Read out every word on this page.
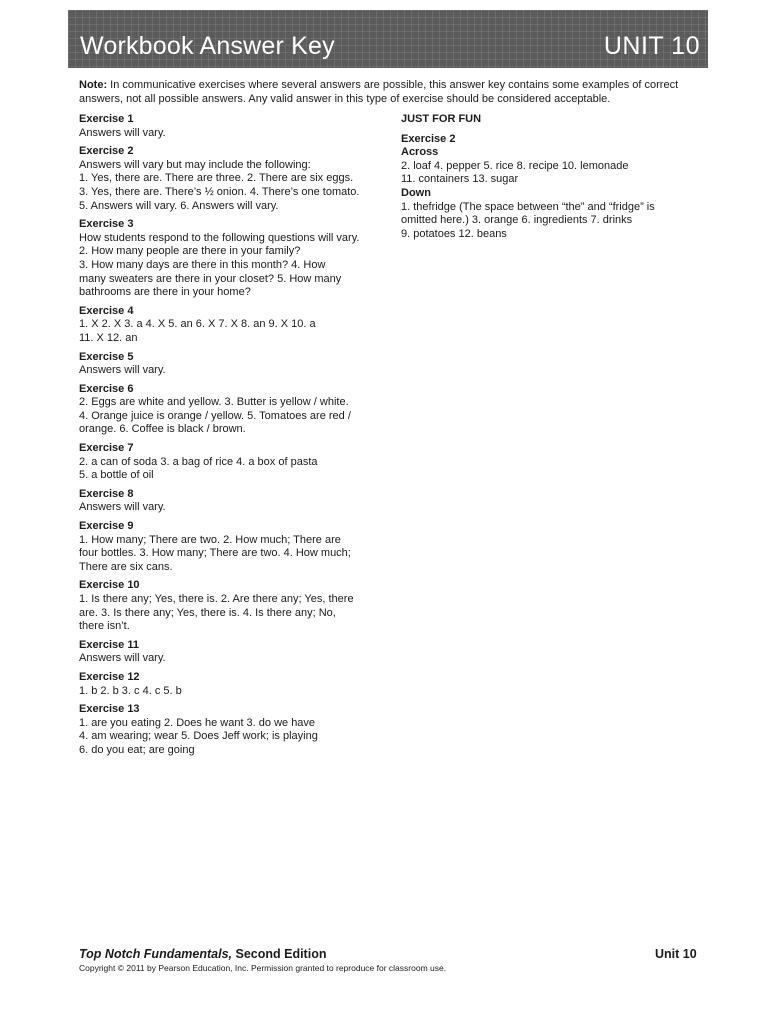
Workbook Answer Key	UNIT 10
Note: In communicative exercises where several answers are possible, this answer key contains some examples of correct answers, not all possible answers. Any valid answer in this type of exercise should be considered acceptable.
Exercise 1
Answers will vary.
Exercise 2
Answers will vary but may include the following:
1. Yes, there are. There are three. 2. There are six eggs.
3. Yes, there are. There’s ½ onion. 4. There’s one tomato.
5. Answers will vary. 6. Answers will vary.
Exercise 3
How students respond to the following questions will vary.
2. How many people are there in your family?
3. How many days are there in this month? 4. How
many sweaters are there in your closet? 5. How many
bathrooms are there in your home?
Exercise 4
1. X 2. X 3. a 4. X 5. an 6. X 7. X 8. an 9. X 10. a
11. X 12. an
Exercise 5
Answers will vary.
Exercise 6
2. Eggs are white and yellow. 3. Butter is yellow / white.
4. Orange juice is orange / yellow. 5. Tomatoes are red /
orange. 6. Coffee is black / brown.
Exercise 7
2. a can of soda 3. a bag of rice 4. a box of pasta
5. a bottle of oil
Exercise 8
Answers will vary.
Exercise 9
1. How many; There are two. 2. How much; There are
four bottles. 3. How many; There are two. 4. How much;
There are six cans.
Exercise 10
1. Is there any; Yes, there is. 2. Are there any; Yes, there
are. 3. Is there any; Yes, there is. 4. Is there any; No,
there isn’t.
Exercise 11
Answers will vary.
Exercise 12
1. b 2. b 3. c 4. c 5. b
Exercise 13
1. are you eating 2. Does he want 3. do we have
4. am wearing; wear 5. Does Jeff work; is playing
6. do you eat; are going
JUST FOR FUN
Exercise 2
Across
2. loaf 4. pepper 5. rice 8. recipe 10. lemonade
11. containers 13. sugar
Down
1. thefridge (The space between “the” and “fridge” is
omitted here.) 3. orange 6. ingredients 7. drinks
9. potatoes 12. beans
Top Notch Fundamentals, Second Edition	Unit 10
Copyright © 2011 by Pearson Education, Inc. Permission granted to reproduce for classroom use.
